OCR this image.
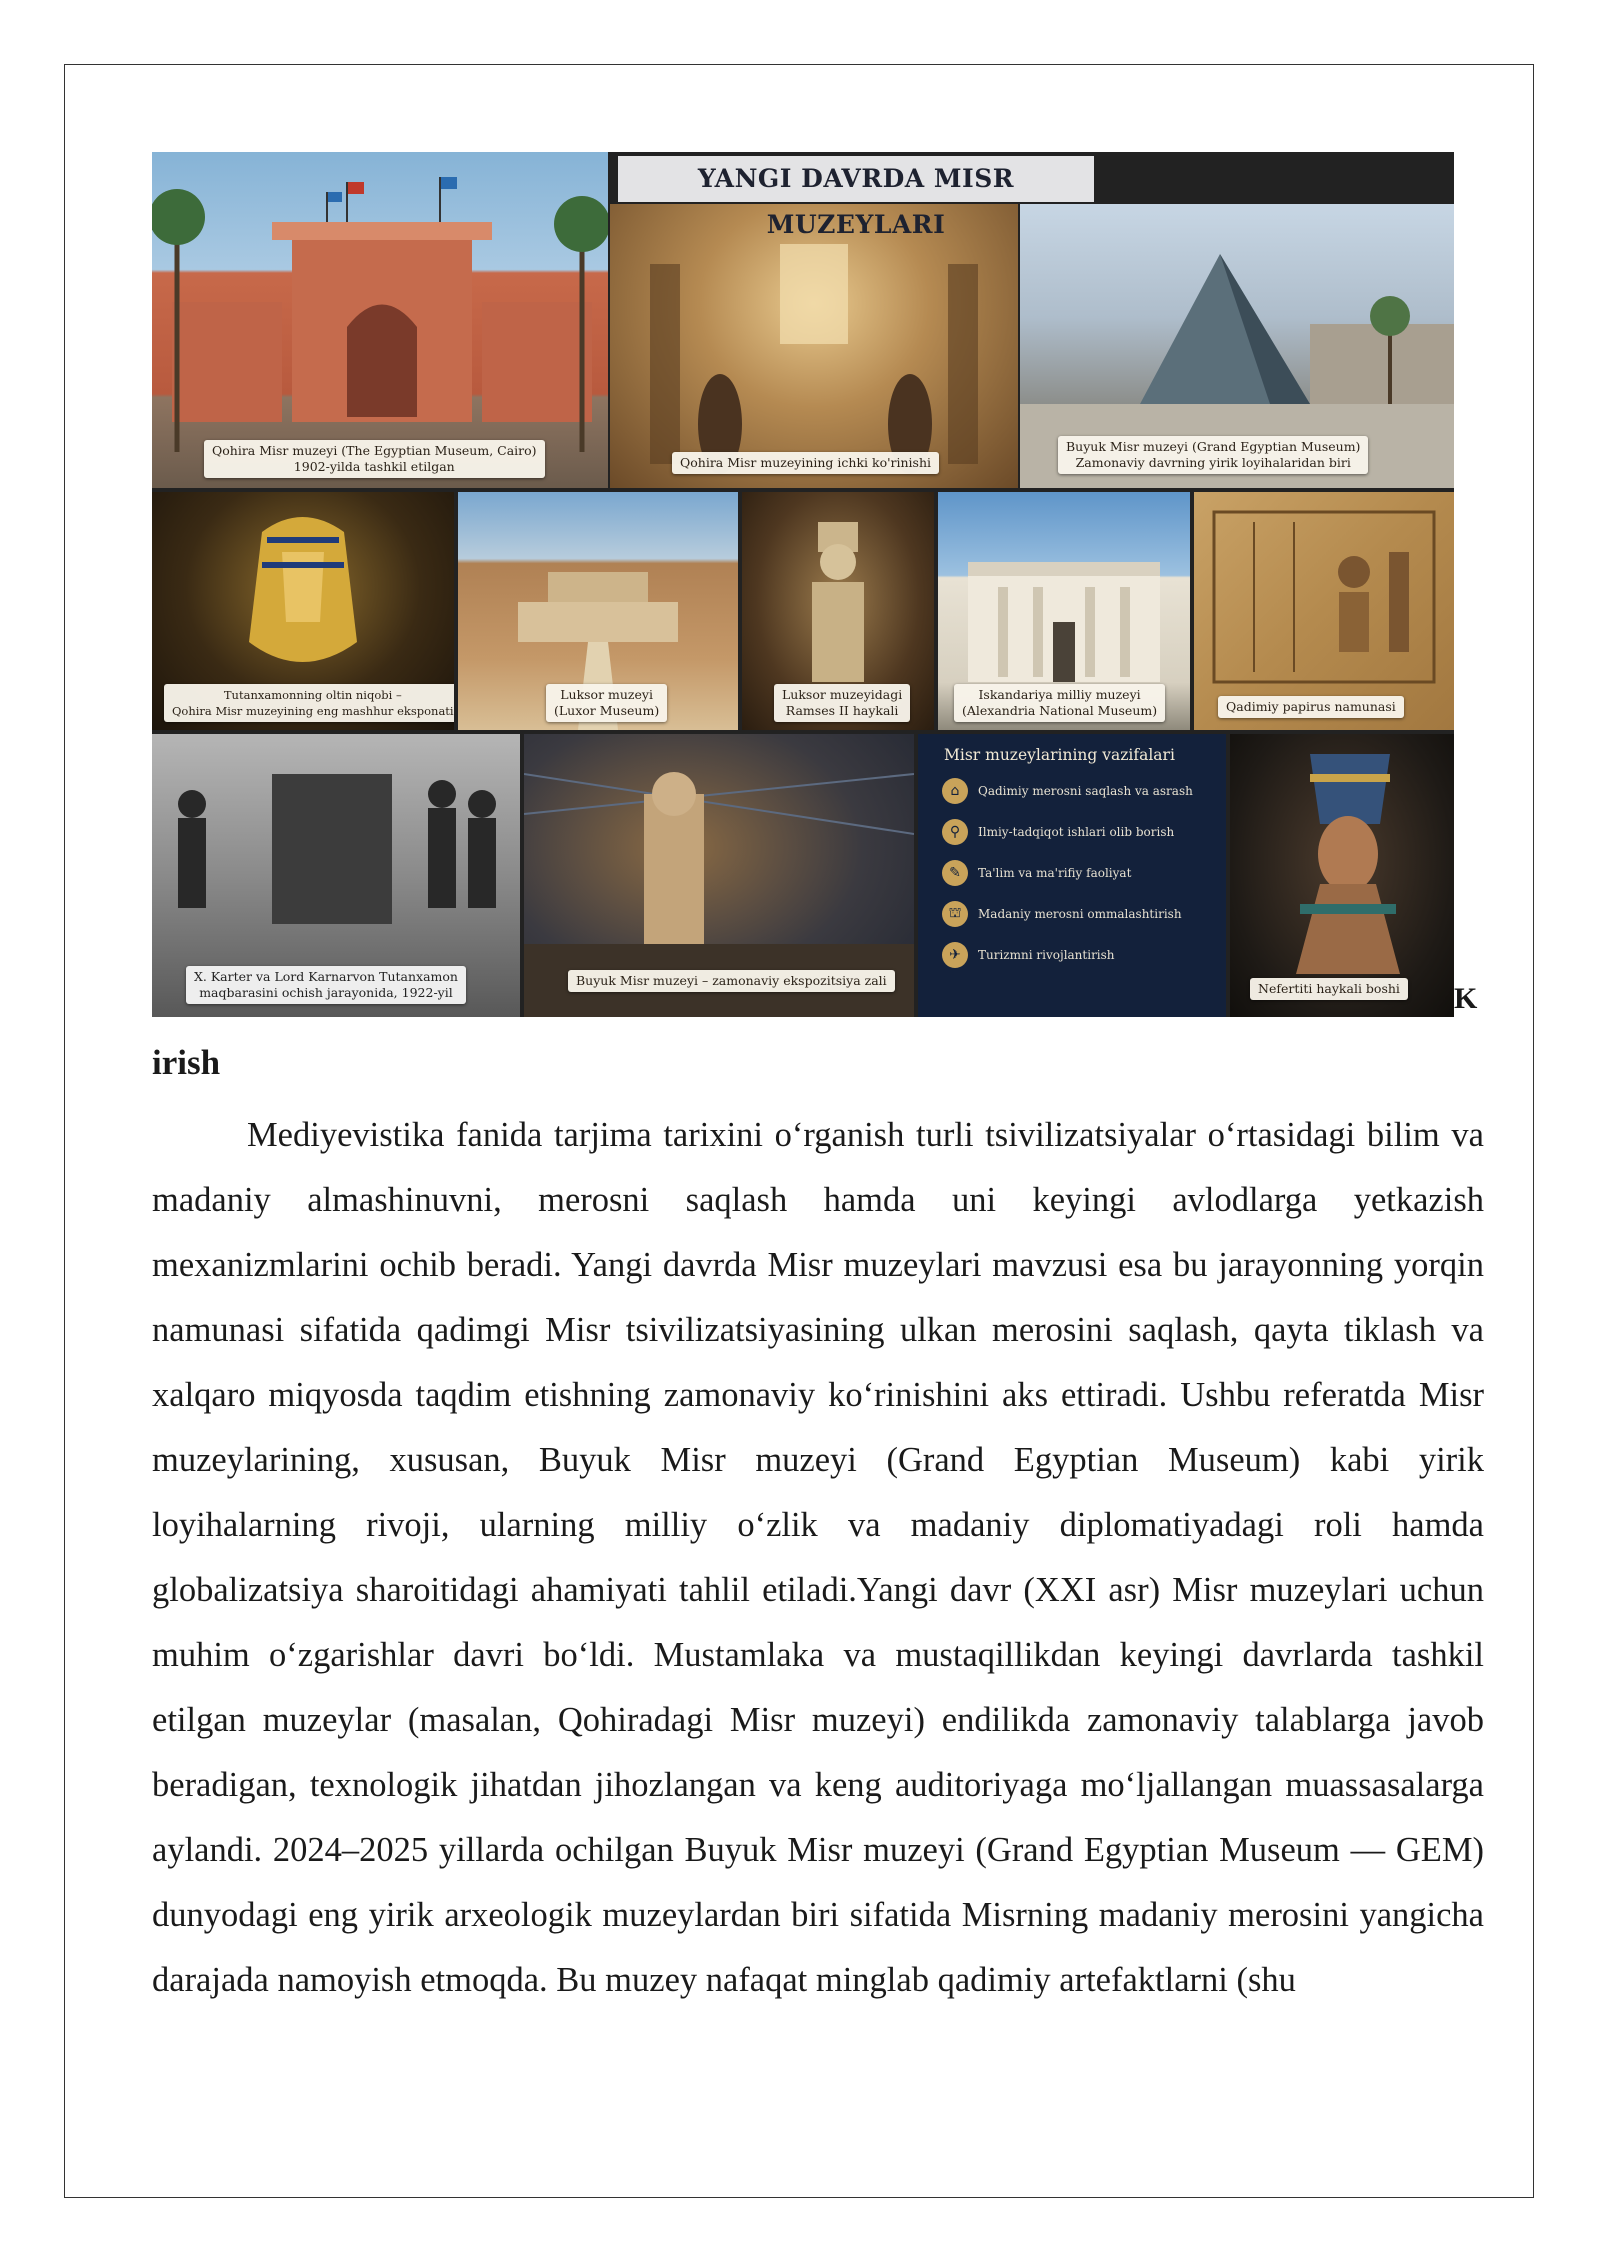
Qohira Misr muzeyi (The Egyptian Museum, Cairo)
1902-yilda tashkil etilgan	Qohira Misr muzeyining ichki ko'rinishi
Buyuk Misr muzeyi (Grand Egyptian Museum)
Zamonaviy davrning yirik loyihalaridan biri
YANGI DAVRDA MISR MUZEYLARI
Tutanxamonning oltin niqobi –
Qohira Misr muzeyining eng mashhur eksponati
Luksor muzeyi
(Luxor Museum)
Luksor muzeyidagi
Ramses II haykali
Iskandariya milliy muzeyi
(Alexandria National Museum)	Qadimiy papirus namunasi
X. Karter va Lord Karnarvon Tutanxamon
maqbarasini ochish jarayonida, 1922-yil
Buyuk Misr muzeyi – zamonaviy ekspozitsiya zali
Misr muzeylarining vazifalari
⌂	Qadimiy merosni saqlash va asrash
⚲	Ilmiy-tadqiqot ishlari olib borish
✎	Ta'lim va ma'rifiy faoliyat
⛫	Madaniy merosni ommalashtirish
✈	Turizmni rivojlantirish
Nefertiti haykali boshi K
irish

Mediyevistika fanida tarjima tarixini oʻrganish turli tsivilizatsiyalar oʻrtasidagi bilim va madaniy almashinuvni, merosni saqlash hamda uni keyingi avlodlarga yetkazish mexanizmlarini ochib beradi. Yangi davrda Misr muzeylari mavzusi esa bu jarayonning yorqin namunasi sifatida qadimgi Misr tsivilizatsiyasining ulkan merosini saqlash, qayta tiklash va xalqaro miqyosda taqdim etishning zamonaviy koʻrinishini aks ettiradi. Ushbu referatda Misr muzeylarining, xususan, Buyuk Misr muzeyi (Grand Egyptian Museum) kabi yirik loyihalarning rivoji, ularning milliy oʻzlik va madaniy diplomatiyadagi roli hamda globalizatsiya sharoitidagi ahamiyati tahlil etiladi.Yangi davr (XXI asr) Misr muzeylari uchun muhim oʻzgarishlar davri boʻldi. Mustamlaka va mustaqillikdan keyingi davrlarda tashkil etilgan muzeylar (masalan, Qohiradagi Misr muzeyi) endilikda zamonaviy talablarga javob beradigan, texnologik jihatdan jihozlangan va keng auditoriyaga moʻljallangan muassasalarga aylandi. 2024–2025 yillarda ochilgan Buyuk Misr muzeyi (Grand Egyptian Museum — GEM) dunyodagi eng yirik arxeologik muzeylardan biri sifatida Misrning madaniy merosini yangicha darajada namoyish etmoqda. Bu muzey nafaqat minglab qadimiy artefaktlarni (shu
